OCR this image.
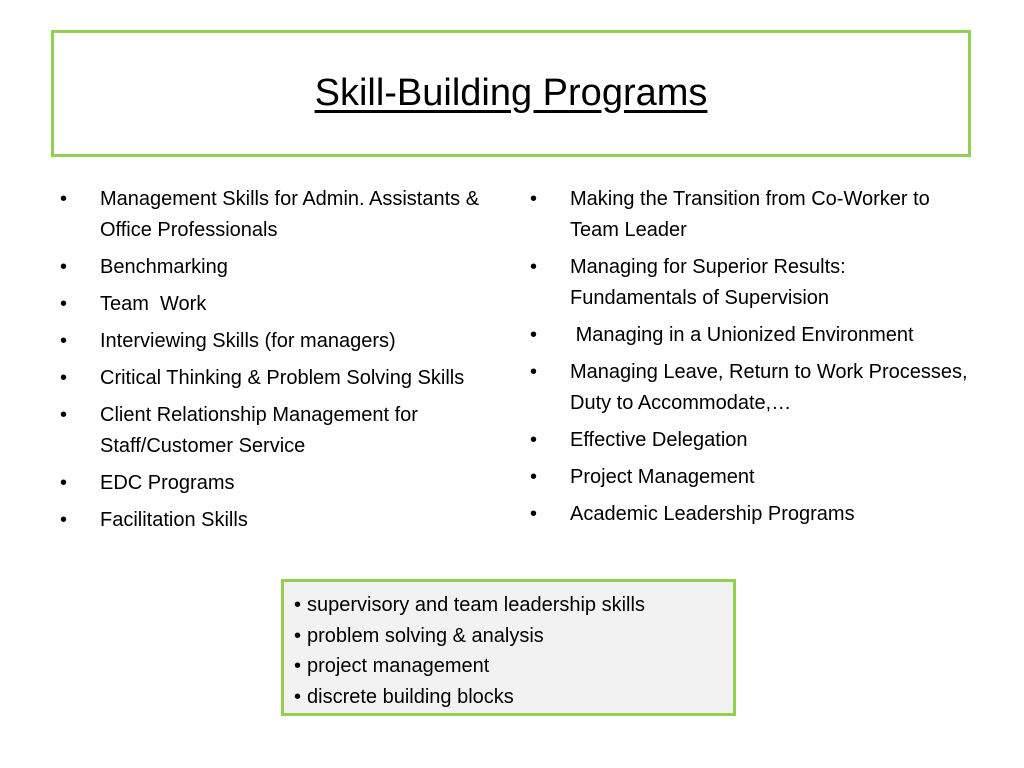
Skill-Building Programs
•	Management Skills for Admin. Assistants & Office Professionals
•	Benchmarking
•	Team  Work
•	Interviewing Skills (for managers)
•	Critical Thinking & Problem Solving Skills
•	Client Relationship Management for Staff/Customer Service
•	EDC Programs
•	Facilitation Skills
•	Making the Transition from Co-Worker to Team Leader
•	Managing for Superior Results: Fundamentals of Supervision
•	Managing in a Unionized Environment
•	Managing Leave, Return to Work Processes, Duty to Accommodate,…
•	Effective Delegation
•	Project Management
•	Academic Leadership Programs
• supervisory and team leadership skills
• problem solving & analysis
• project management
• discrete building blocks
